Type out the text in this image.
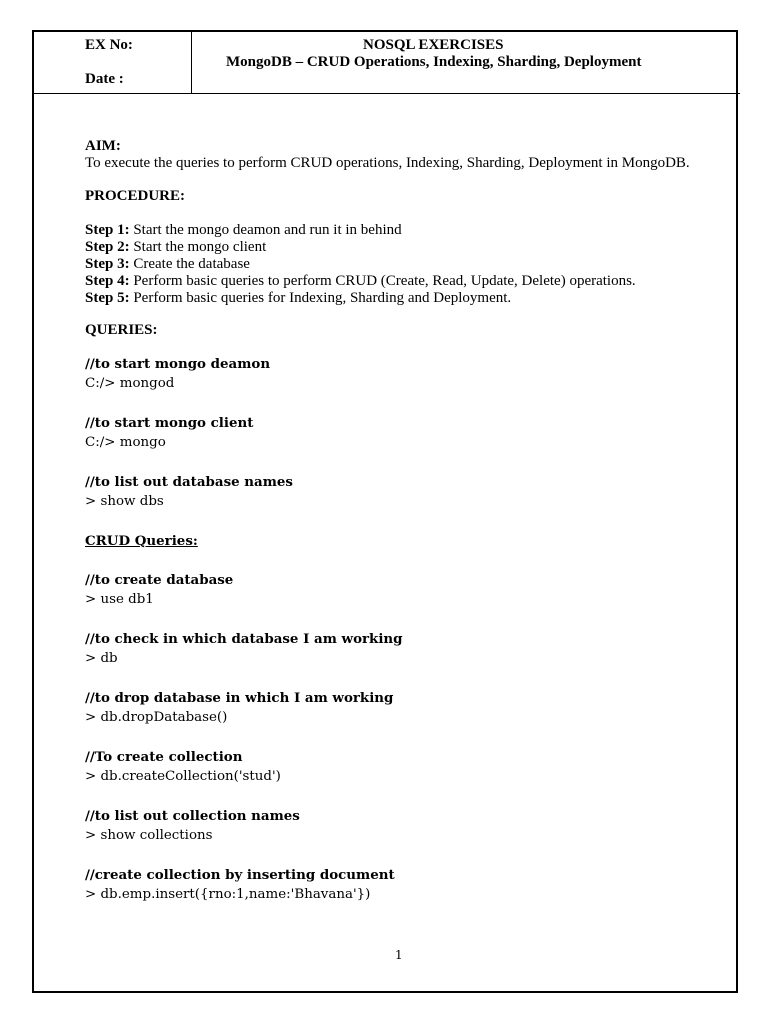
EX No:
Date :
NOSQL EXERCISES
MongoDB – CRUD Operations, Indexing, Sharding, Deployment
AIM:
To execute the queries to perform CRUD operations, Indexing, Sharding, Deployment in MongoDB.
PROCEDURE:
Step 1: Start the mongo deamon and run it in behind
Step 2: Start the mongo client
Step 3: Create the database
Step 4: Perform basic queries to perform CRUD (Create, Read, Update, Delete) operations.
Step 5: Perform basic queries for Indexing, Sharding and Deployment.
QUERIES:
//to start mongo deamon
C:/> mongod
//to start mongo client
C:/> mongo
//to list out database names
> show dbs
CRUD Queries:
//to create database
> use db1
//to check in which database I am working
> db
//to drop database in which I am working
> db.dropDatabase()
//To create collection
> db.createCollection('stud')
//to list out collection names
> show collections
//create collection by inserting document
> db.emp.insert({rno:1,name:'Bhavana'})
1
